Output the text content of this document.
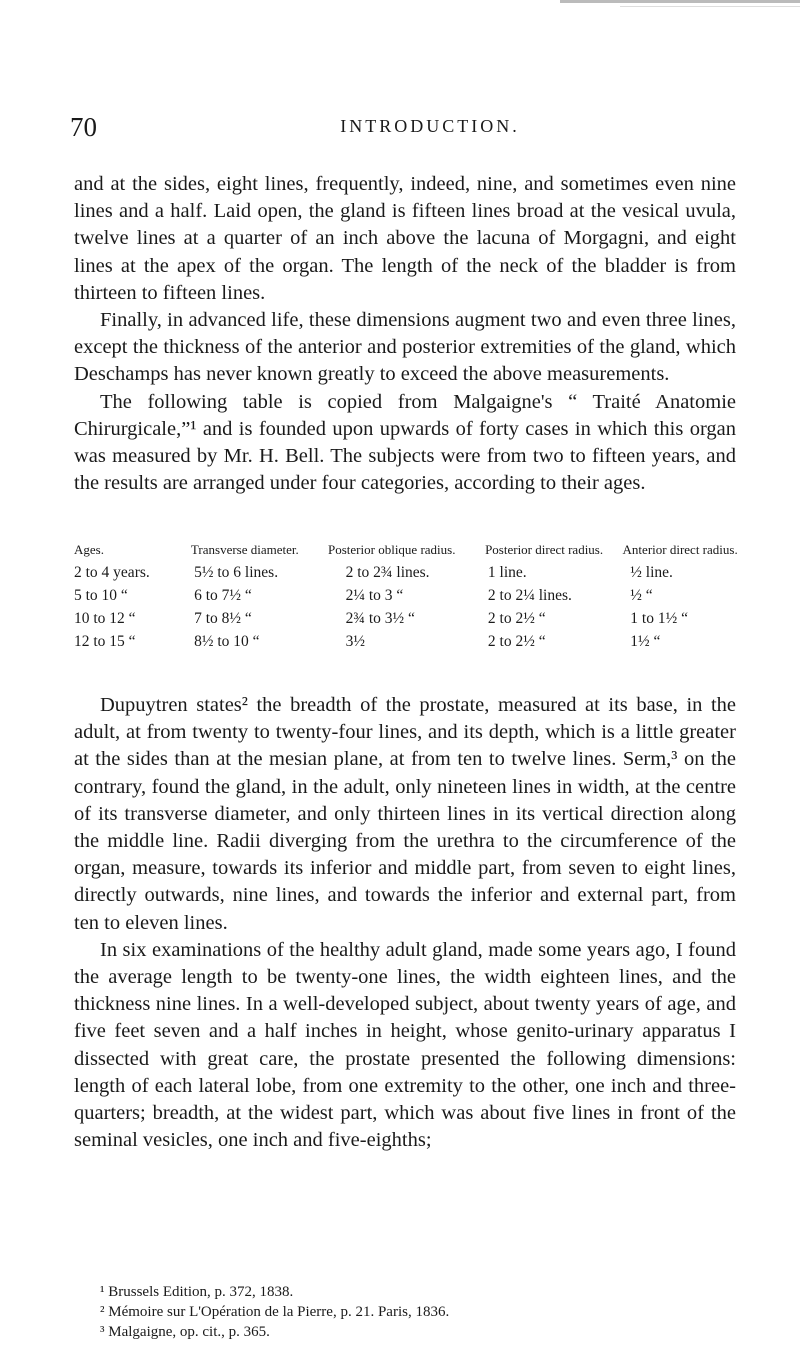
70	INTRODUCTION.

and at the sides, eight lines, frequently, indeed, nine, and sometimes even nine lines and a half. Laid open, the gland is fifteen lines broad at the vesical uvula, twelve lines at a quarter of an inch above the lacuna of Morgagni, and eight lines at the apex of the organ. The length of the neck of the bladder is from thirteen to fifteen lines.

Finally, in advanced life, these dimensions augment two and even three lines, except the thickness of the anterior and posterior extremities of the gland, which Deschamps has never known greatly to exceed the above measurements.

The following table is copied from Malgaigne's “ Traité Anatomie Chirurgicale,”¹ and is founded upon upwards of forty cases in which this organ was measured by Mr. H. Bell. The subjects were from two to fifteen years, and the results are arranged under four categories, according to their ages.

Ages.	Transverse diameter.	Posterior oblique radius.	Posterior direct radius.	Anterior direct radius.
2 to 4 years.	5½ to 6 lines.	2 to 2¾ lines.	1 line.	½ line.
5 to 10 “	6 to 7½ “	2¼ to 3 “	2 to 2¼ lines.	½ “
10 to 12 “	7 to 8½ “	2¾ to 3½ “	2 to 2½ “	1 to 1½ “
12 to 15 “	8½ to 10 “	3½	2 to 2½ “	1½ “

Dupuytren states² the breadth of the prostate, measured at its base, in the adult, at from twenty to twenty-four lines, and its depth, which is a little greater at the sides than at the mesian plane, at from ten to twelve lines. Serm,³ on the contrary, found the gland, in the adult, only nineteen lines in width, at the centre of its transverse diameter, and only thirteen lines in its vertical direction along the middle line. Radii diverging from the urethra to the circumference of the organ, measure, towards its inferior and middle part, from seven to eight lines, directly outwards, nine lines, and towards the inferior and external part, from ten to eleven lines.

In six examinations of the healthy adult gland, made some years ago, I found the average length to be twenty-one lines, the width eighteen lines, and the thickness nine lines. In a well-developed subject, about twenty years of age, and five feet seven and a half inches in height, whose genito-urinary apparatus I dissected with great care, the prostate presented the following dimensions: length of each lateral lobe, from one extremity to the other, one inch and three-quarters; breadth, at the widest part, which was about five lines in front of the seminal vesicles, one inch and five-eighths;

¹ Brussels Edition, p. 372, 1838.
² Mémoire sur L'Opération de la Pierre, p. 21. Paris, 1836.
³ Malgaigne, op. cit., p. 365.
